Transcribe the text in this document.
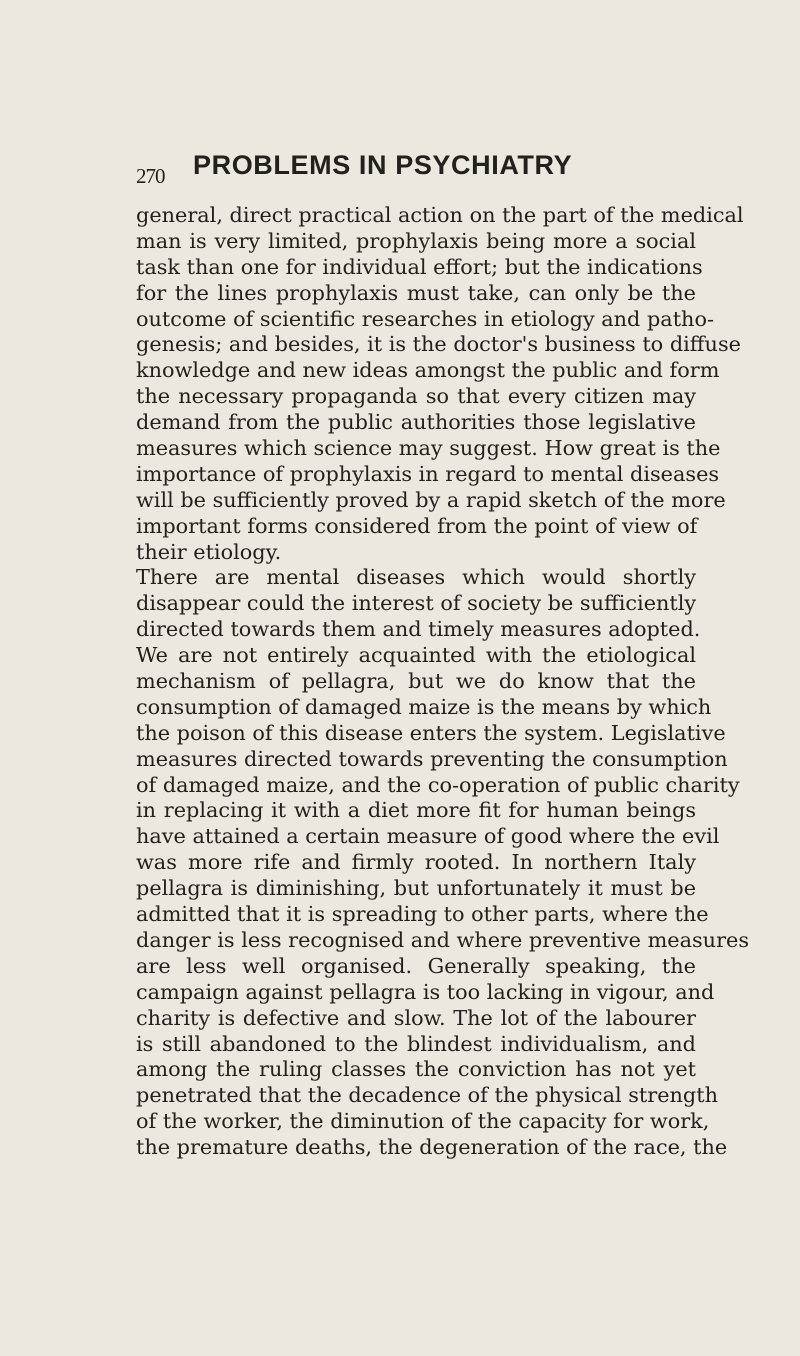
270 PROBLEMS IN PSYCHIATRY
general, direct practical action on the part of the medical
man is very limited, prophylaxis being more a social
task than one for individual effort; but the indications
for the lines prophylaxis must take, can only be the
outcome of scientific researches in etiology and patho-
genesis; and besides, it is the doctor's business to diffuse
knowledge and new ideas amongst the public and form
the necessary propaganda so that every citizen may
demand from the public authorities those legislative
measures which science may suggest. How great is the
importance of prophylaxis in regard to mental diseases
will be sufficiently proved by a rapid sketch of the more
important forms considered from the point of view of
their etiology.
There are mental diseases which would shortly
disappear could the interest of society be sufficiently
directed towards them and timely measures adopted.
We are not entirely acquainted with the etiological
mechanism of pellagra, but we do know that the
consumption of damaged maize is the means by which
the poison of this disease enters the system. Legislative
measures directed towards preventing the consumption
of damaged maize, and the co-operation of public charity
in replacing it with a diet more fit for human beings
have attained a certain measure of good where the evil
was more rife and firmly rooted. In northern Italy
pellagra is diminishing, but unfortunately it must be
admitted that it is spreading to other parts, where the
danger is less recognised and where preventive measures
are less well organised. Generally speaking, the
campaign against pellagra is too lacking in vigour, and
charity is defective and slow. The lot of the labourer
is still abandoned to the blindest individualism, and
among the ruling classes the conviction has not yet
penetrated that the decadence of the physical strength
of the worker, the diminution of the capacity for work,
the premature deaths, the degeneration of the race, the
